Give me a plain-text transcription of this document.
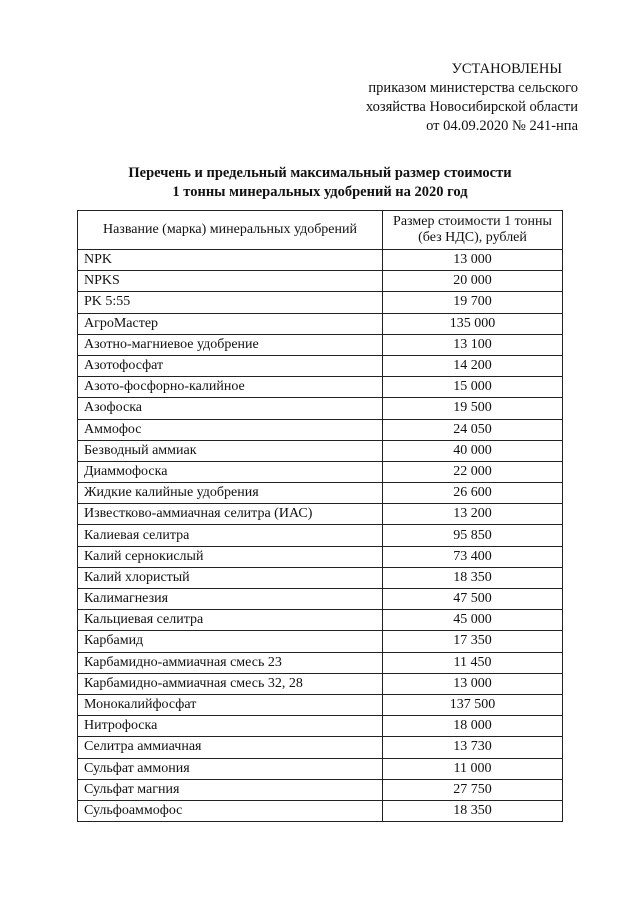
УСТАНОВЛЕНЫ
приказом министерства сельского
хозяйства Новосибирской области
от 04.09.2020 № 241-нпа
Перечень и предельный максимальный размер стоимости
1 тонны минеральных удобрений на 2020 год
Название (марка) минеральных удобрений	Размер стоимости 1 тонны
(без НДС), рублей

NPK	13 000
NPKS	20 000
PK 5:55	19 700
АгроМастер	135 000
Азотно-магниевое удобрение	13 100
Азотофосфат	14 200
Азото-фосфорно-калийное	15 000
Азофоска	19 500
Аммофос	24 050
Безводный аммиак	40 000
Диаммофоска	22 000
Жидкие калийные удобрения	26 600
Известково-аммиачная селитра (ИАС)	13 200
Калиевая селитра	95 850
Калий сернокислый	73 400
Калий хлористый	18 350
Калимагнезия	47 500
Кальциевая селитра	45 000
Карбамид	17 350
Карбамидно-аммиачная смесь 23	11 450
Карбамидно-аммиачная смесь 32, 28	13 000
Монокалийфосфат	137 500
Нитрофоска	18 000
Селитра аммиачная	13 730
Сульфат аммония	11 000
Сульфат магния	27 750
Сульфоаммофос	18 350
